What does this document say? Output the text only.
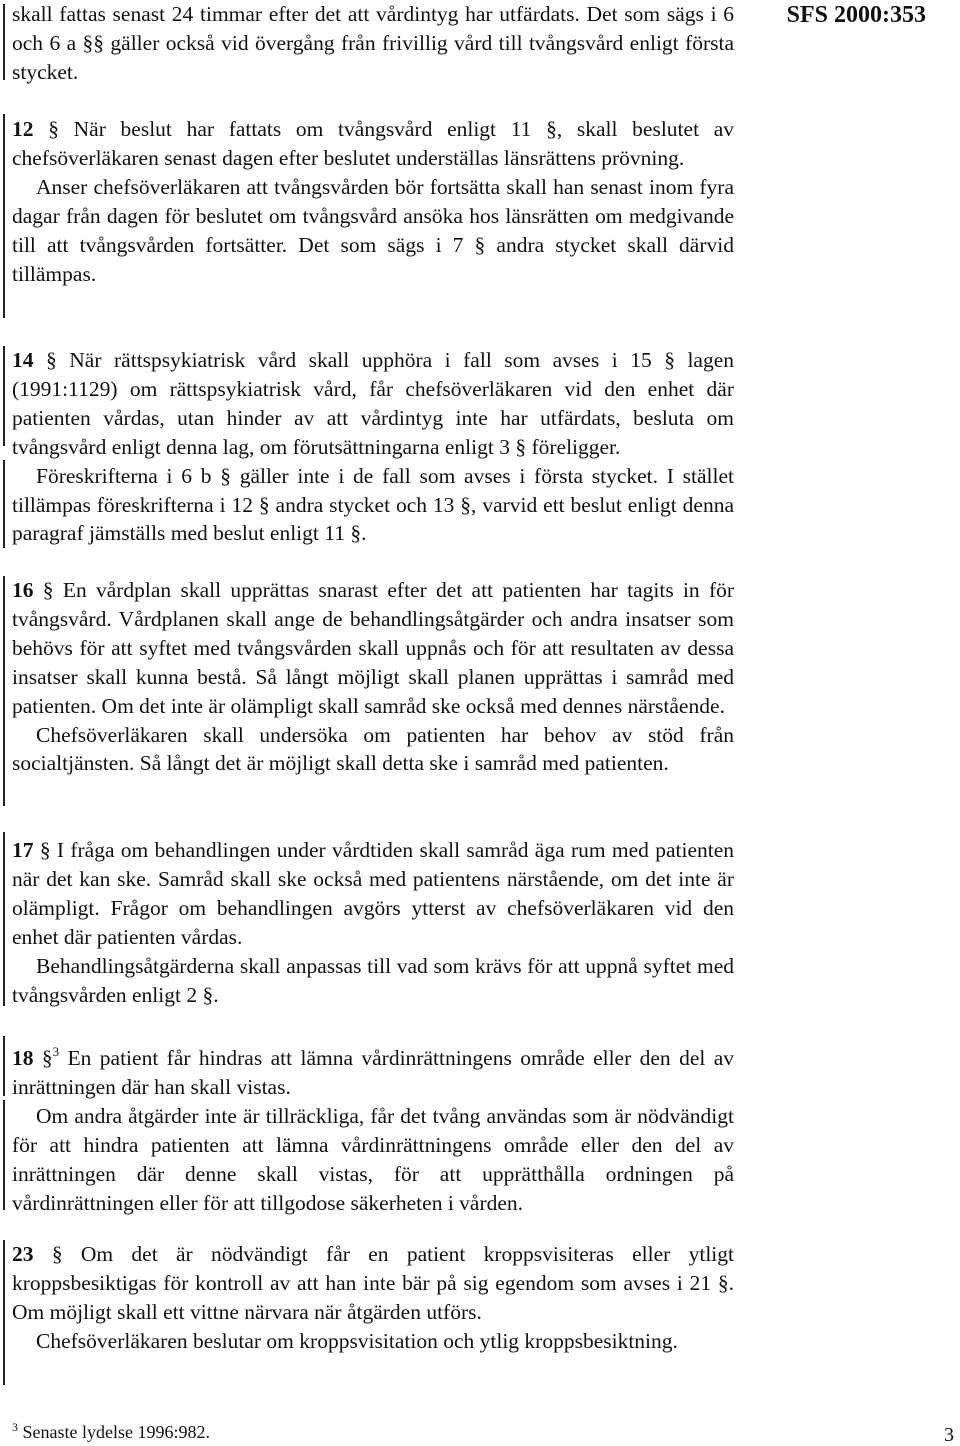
SFS 2000:353

skall fattas senast 24 timmar efter det att vårdintyg har utfärdats. Det som sägs i 6 och 6 a §§ gäller också vid övergång från frivillig vård till tvångsvård enligt första stycket.

12 § När beslut har fattats om tvångsvård enligt 11 §, skall beslutet av chefsöverläkaren senast dagen efter beslutet underställas länsrättens prövning.

Anser chefsöverläkaren att tvångsvården bör fortsätta skall han senast inom fyra dagar från dagen för beslutet om tvångsvård ansöka hos länsrätten om medgivande till att tvångsvården fortsätter. Det som sägs i 7 § andra stycket skall därvid tillämpas.

14 § När rättspsykiatrisk vård skall upphöra i fall som avses i 15 § lagen (1991:1129) om rättspsykiatrisk vård, får chefsöverläkaren vid den enhet där patienten vårdas, utan hinder av att vårdintyg inte har utfärdats, besluta om tvångsvård enligt denna lag, om förutsättningarna enligt 3 § föreligger.

Föreskrifterna i 6 b § gäller inte i de fall som avses i första stycket. I stället tillämpas föreskrifterna i 12 § andra stycket och 13 §, varvid ett beslut enligt denna paragraf jämställs med beslut enligt 11 §.

16 § En vårdplan skall upprättas snarast efter det att patienten har tagits in för tvångsvård. Vårdplanen skall ange de behandlingsåtgärder och andra insatser som behövs för att syftet med tvångsvården skall uppnås och för att resultaten av dessa insatser skall kunna bestå. Så långt möjligt skall planen upprättas i samråd med patienten. Om det inte är olämpligt skall samråd ske också med dennes närstående.

Chefsöverläkaren skall undersöka om patienten har behov av stöd från socialtjänsten. Så långt det är möjligt skall detta ske i samråd med patienten.

17 § I fråga om behandlingen under vårdtiden skall samråd äga rum med patienten när det kan ske. Samråd skall ske också med patientens närstående, om det inte är olämpligt. Frågor om behandlingen avgörs ytterst av chefsöverläkaren vid den enhet där patienten vårdas.

Behandlingsåtgärderna skall anpassas till vad som krävs för att uppnå syftet med tvångsvården enligt 2 §.

18 §$^3$ En patient får hindras att lämna vårdinrättningens område eller den del av inrättningen där han skall vistas.

Om andra åtgärder inte är tillräckliga, får det tvång användas som är nödvändigt för att hindra patienten att lämna vårdinrättningens område eller den del av inrättningen där denne skall vistas, för att upprätthålla ordningen på vårdinrättningen eller för att tillgodose säkerheten i vården.

23 § Om det är nödvändigt får en patient kroppsvisiteras eller ytligt kroppsbesiktigas för kontroll av att han inte bär på sig egendom som avses i 21 §. Om möjligt skall ett vittne närvara när åtgärden utförs.

Chefsöverläkaren beslutar om kroppsvisitation och ytlig kroppsbesiktning.

$^3$ Senaste lydelse 1996:982.	3
